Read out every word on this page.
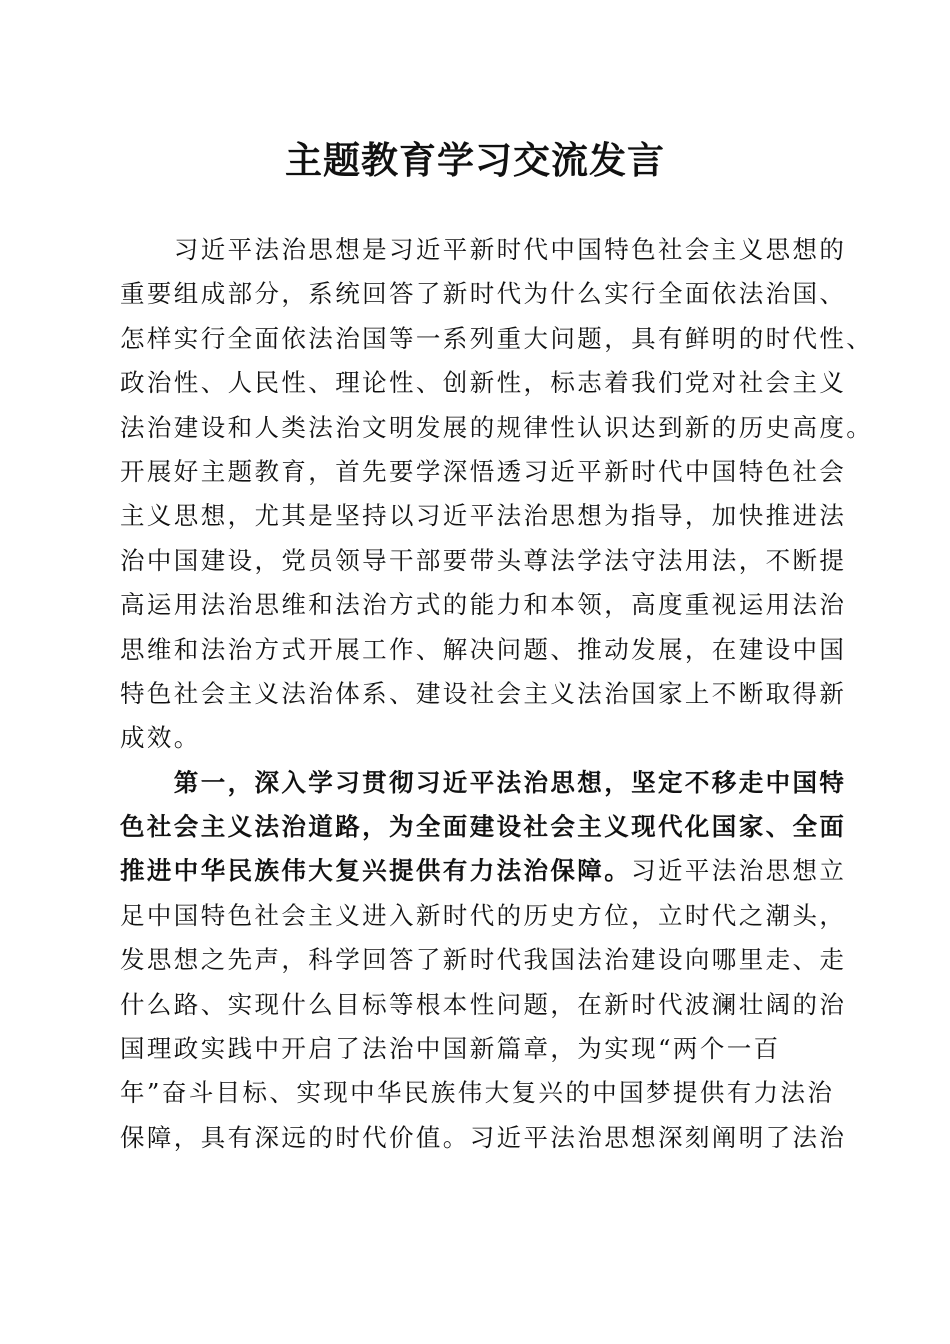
主题教育学习交流发言
　　习近平法治思想是习近平新时代中国特色社会主义思想的
重要组成部分，系统回答了新时代为什么实行全面依法治国、
怎样实行全面依法治国等一系列重大问题，具有鲜明的时代性、
政治性、人民性、理论性、创新性，标志着我们党对社会主义
法治建设和人类法治文明发展的规律性认识达到新的历史高度。
开展好主题教育，首先要学深悟透习近平新时代中国特色社会
主义思想，尤其是坚持以习近平法治思想为指导，加快推进法
治中国建设，党员领导干部要带头尊法学法守法用法，不断提
高运用法治思维和法治方式的能力和本领，高度重视运用法治
思维和法治方式开展工作、解决问题、推动发展，在建设中国
特色社会主义法治体系、建设社会主义法治国家上不断取得新
成效。
　　第一，深入学习贯彻习近平法治思想，坚定不移走中国特
色社会主义法治道路，为全面建设社会主义现代化国家、全面
推进中华民族伟大复兴提供有力法治保障。习近平法治思想立
足中国特色社会主义进入新时代的历史方位，立时代之潮头，
发思想之先声，科学回答了新时代我国法治建设向哪里走、走
什么路、实现什么目标等根本性问题，在新时代波澜壮阔的治
国理政实践中开启了法治中国新篇章，为实现“两个一百
年”奋斗目标、实现中华民族伟大复兴的中国梦提供有力法治
保障，具有深远的时代价值。习近平法治思想深刻阐明了法治
